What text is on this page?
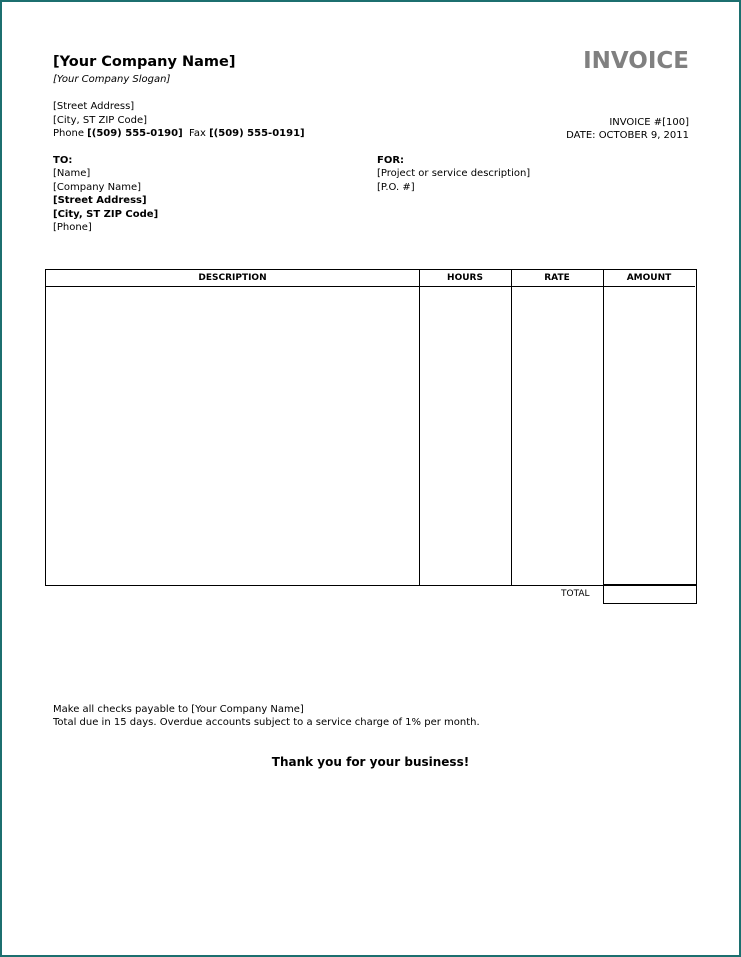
[Your Company Name]
[Your Company Slogan]
[Street Address]
[City, ST ZIP Code]
Phone [(509) 555-0190] Fax [(509) 555-0191]
INVOICE
INVOICE #[100]
DATE: OCTOBER 9, 2011
TO:
[Name]
[Company Name]
[Street Address]
[City, ST ZIP Code]
[Phone]
FOR:
[Project or service description]
[P.O. #]
DESCRIPTION	HOURS	RATE	AMOUNT
TOTAL
Make all checks payable to [Your Company Name]
Total due in 15 days. Overdue accounts subject to a service charge of 1% per month.
Thank you for your business!
